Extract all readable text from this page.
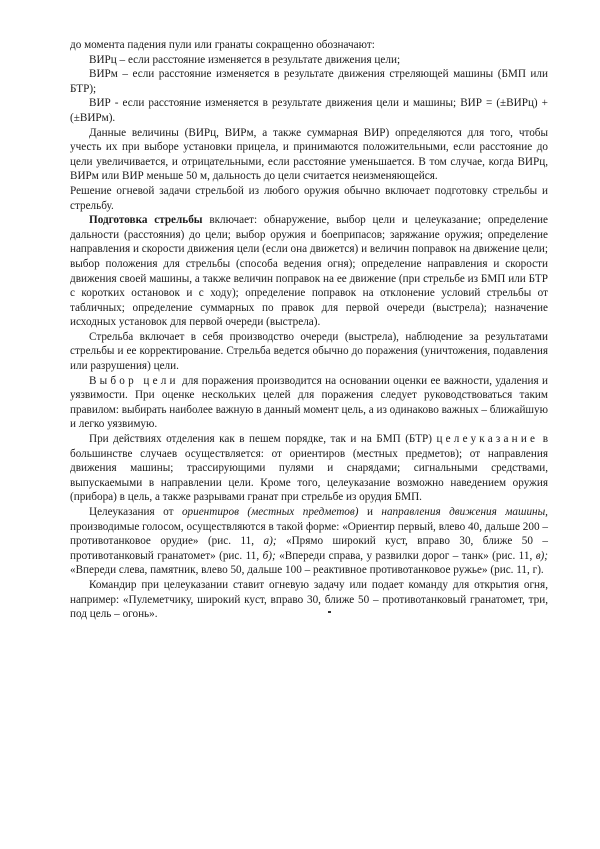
до момента падения пули или гранаты сокращенно обозначают:

ВИРц – если расстояние изменяется в результате движения цели;

ВИРм – если расстояние изменяется в результате движения стреляющей машины (БМП или БТР);

ВИР - если расстояние изменяется в результате движения цели и машины; ВИР = (±ВИРц) + (±ВИРм).

Данные величины (ВИРц, ВИРм, а также суммарная ВИР) определяются для того, чтобы учесть их при выборе установки прицела, и принимаются положительными, если расстояние до цели увеличивается, и отрицательными, если расстояние уменьшается. В том случае, когда ВИРц, ВИРм или ВИР меньше 50 м, дальность до цели считается неизменяющейся.

Решение огневой задачи стрельбой из любого оружия обычно включает подготовку стрельбы и стрельбу.

Подготовка стрельбы включает: обнаружение, выбор цели и целеуказание; определение дальности (расстояния) до цели; выбор оружия и боеприпасов; заряжание оружия; определение направления и скорости движения цели (если она движется) и величин поправок на движение цели; выбор положения для стрельбы (способа ведения огня); определение направления и скорости движения своей машины, а также величин поправок на ее движение (при стрельбе из БМП или БТР с коротких остановок и с ходу); определение поправок на отклонение условий стрельбы от табличных; определение суммарных по правок для первой очереди (выстрела); назначение исходных установок для первой очереди (выстрела).

Стрельба включает в себя производство очереди (выстрела), наблюдение за результатами стрельбы и ее корректирование. Стрельба ведется обычно до поражения (уничтожения, подавления или разрушения) цели.

Выбор цели для поражения производится на основании оценки ее важности, удаления и уязвимости. При оценке нескольких целей для поражения следует руководствоваться таким правилом: выбирать наиболее важную в данный момент цель, а из одинаково важных – ближайшую и легко уязвимую.

При действиях отделения как в пешем порядке, так и на БМП (БТР) целеуказание в большинстве случаев осуществляется: от ориентиров (местных предметов); от направления движения машины; трассирующими пулями и снарядами; сигнальными средствами, выпускаемыми в направлении цели. Кроме того, целеуказание возможно наведением оружия (прибора) в цель, а также разрывами гранат при стрельбе из орудия БМП.

Целеуказания от ориентиров (местных предметов) и направления движения машины, производимые голосом, осуществляются в такой форме: «Ориентир первый, влево 40, дальше 200 – противотанковое орудие» (рис. 11, а); «Прямо широкий куст, вправо 30, ближе 50 – противотанковый гранатомет» (рис. 11, б); «Впереди справа, у развилки дорог – танк» (рис. 11, в); «Впереди слева, памятник, влево 50, дальше 100 – реактивное противотанковое ружье» (рис. 11, г).

Командир при целеуказании ставит огневую задачу или подает команду для открытия огня, например: «Пулеметчику, широкий куст, вправо 30, ближе 50 – противотанковый гранатомет, три, под цель – огонь».
